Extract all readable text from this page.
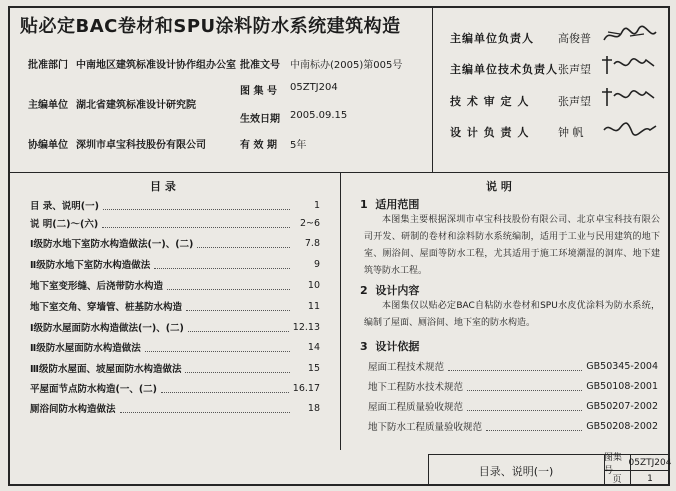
贴必定BAC卷材和SPU涂料防水系统建筑构造
批准部门 中南地区建筑标准设计协作组办公室 批准文号 中南标办(2005)第005号
图 集 号 05ZTJ204
主编单位 湖北省建筑标准设计研究院
生效日期 2005.09.15
协编单位 深圳市卓宝科技股份有限公司	有 效 期 5年
主编单位负责人 高俊普
主编单位技术负责人 张声望
技 术 审 定 人	张声望
设 计 负 责 人	钟 帆
目 录	说 明
目 录、说明(一)	1
说 明(二)～(六)	2~6
Ⅰ级防水地下室防水构造做法(一)、(二)	7.8
Ⅱ级防水地下室防水构造做法	9
地下室变形缝、后浇带防水构造	10
地下室交角、穿墙管、桩基防水构造	11
Ⅰ级防水屋面防水构造做法(一)、(二)	12.13
Ⅱ级防水屋面防水构造做法	14
Ⅲ级防水屋面、坡屋面防水构造做法	15
平屋面节点防水构造(一、(二)	16.17
厕浴间防水构造做法	18
1 适用范围
本图集主要根据深圳市卓宝科技股份有限公司、北京卓宝科技有限公司开发、研制的卷材和涂料防水系统编制，适用于工业与民用建筑的地下室、厕浴间、屋面等防水工程，尤其适用于施工环境潮湿的洞库、地下建筑等防水工程。
2 设计内容
本图集仅以贴必定BAC自粘防水卷材和SPU水皮优涂料为防水系统，编制了屋面、厕浴间、地下室的防水构造。
3 设计依据
屋面工程技术规范	GB50345-2004
地下工程防水技术规范	GB50108-2001
屋面工程质量验收规范	GB50207-2002
地下防水工程质量验收规范	GB50208-2002
目录、说明(一)
图集 05ZTJ204
页	1
